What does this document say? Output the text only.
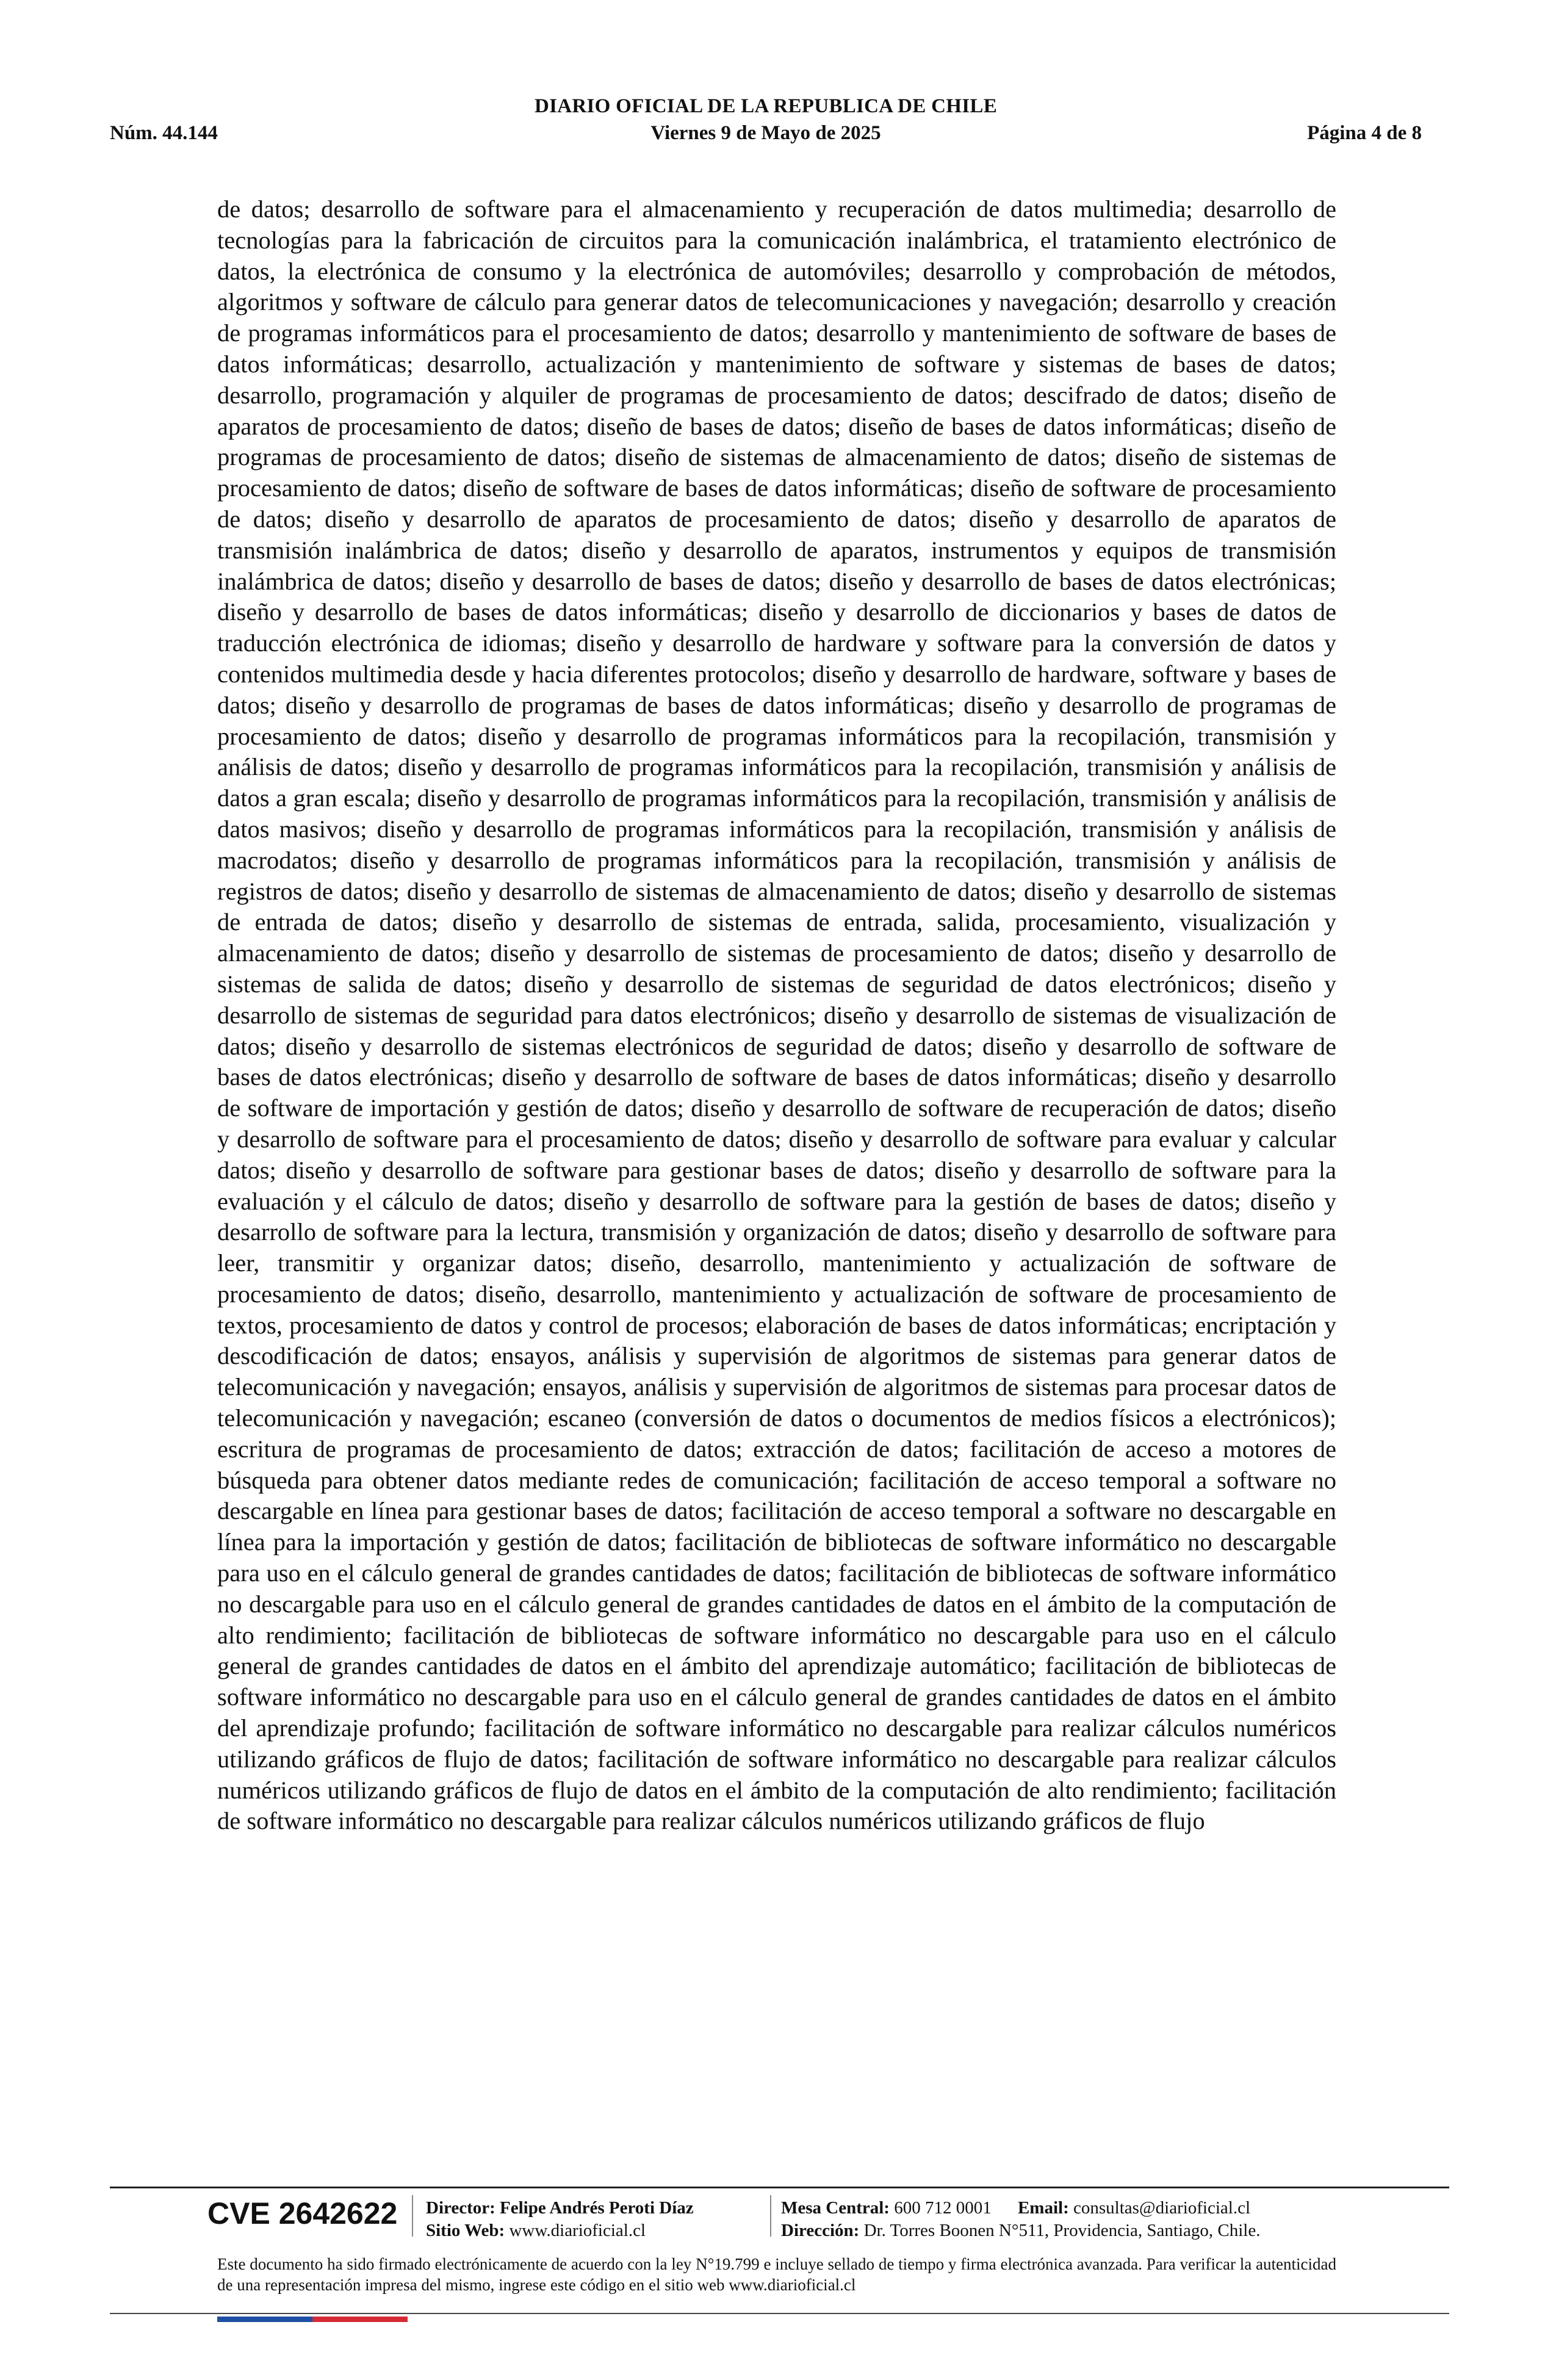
DIARIO OFICIAL DE LA REPUBLICA DE CHILE
Núm. 44.144	Viernes 9 de Mayo de 2025	Página 4 de 8

de datos; desarrollo de software para el almacenamiento y recuperación de datos multimedia; desarrollo de tecnologías para la fabricación de circuitos para la comunicación inalámbrica, el tratamiento electrónico de datos, la electrónica de consumo y la electrónica de automóviles; desarrollo y comprobación de métodos, algoritmos y software de cálculo para generar datos de telecomunicaciones y navegación; desarrollo y creación de programas informáticos para el procesamiento de datos; desarrollo y mantenimiento de software de bases de datos informáticas; desarrollo, actualización y mantenimiento de software y sistemas de bases de datos; desarrollo, programación y alquiler de programas de procesamiento de datos; descifrado de datos; diseño de aparatos de procesamiento de datos; diseño de bases de datos; diseño de bases de datos informáticas; diseño de programas de procesamiento de datos; diseño de sistemas de almacenamiento de datos; diseño de sistemas de procesamiento de datos; diseño de software de bases de datos informáticas; diseño de software de procesamiento de datos; diseño y desarrollo de aparatos de procesamiento de datos; diseño y desarrollo de aparatos de transmisión inalámbrica de datos; diseño y desarrollo de aparatos, instrumentos y equipos de transmisión inalámbrica de datos; diseño y desarrollo de bases de datos; diseño y desarrollo de bases de datos electrónicas; diseño y desarrollo de bases de datos informáticas; diseño y desarrollo de diccionarios y bases de datos de traducción electrónica de idiomas; diseño y desarrollo de hardware y software para la conversión de datos y contenidos multimedia desde y hacia diferentes protocolos; diseño y desarrollo de hardware, software y bases de datos; diseño y desarrollo de programas de bases de datos informáticas; diseño y desarrollo de programas de procesamiento de datos; diseño y desarrollo de programas informáticos para la recopilación, transmisión y análisis de datos; diseño y desarrollo de programas informáticos para la recopilación, transmisión y análisis de datos a gran escala; diseño y desarrollo de programas informáticos para la recopilación, transmisión y análisis de datos masivos; diseño y desarrollo de programas informáticos para la recopilación, transmisión y análisis de macrodatos; diseño y desarrollo de programas informáticos para la recopilación, transmisión y análisis de registros de datos; diseño y desarrollo de sistemas de almacenamiento de datos; diseño y desarrollo de sistemas de entrada de datos; diseño y desarrollo de sistemas de entrada, salida, procesamiento, visualización y almacenamiento de datos; diseño y desarrollo de sistemas de procesamiento de datos; diseño y desarrollo de sistemas de salida de datos; diseño y desarrollo de sistemas de seguridad de datos electrónicos; diseño y desarrollo de sistemas de seguridad para datos electrónicos; diseño y desarrollo de sistemas de visualización de datos; diseño y desarrollo de sistemas electrónicos de seguridad de datos; diseño y desarrollo de software de bases de datos electrónicas; diseño y desarrollo de software de bases de datos informáticas; diseño y desarrollo de software de importación y gestión de datos; diseño y desarrollo de software de recuperación de datos; diseño y desarrollo de software para el procesamiento de datos; diseño y desarrollo de software para evaluar y calcular datos; diseño y desarrollo de software para gestionar bases de datos; diseño y desarrollo de software para la evaluación y el cálculo de datos; diseño y desarrollo de software para la gestión de bases de datos; diseño y desarrollo de software para la lectura, transmisión y organización de datos; diseño y desarrollo de software para leer, transmitir y organizar datos; diseño, desarrollo, mantenimiento y actualización de software de procesamiento de datos; diseño, desarrollo, mantenimiento y actualización de software de procesamiento de textos, procesamiento de datos y control de procesos; elaboración de bases de datos informáticas; encriptación y descodificación de datos; ensayos, análisis y supervisión de algoritmos de sistemas para generar datos de telecomunicación y navegación; ensayos, análisis y supervisión de algoritmos de sistemas para procesar datos de telecomunicación y navegación; escaneo (conversión de datos o documentos de medios físicos a electrónicos); escritura de programas de procesamiento de datos; extracción de datos; facilitación de acceso a motores de búsqueda para obtener datos mediante redes de comunicación; facilitación de acceso temporal a software no descargable en línea para gestionar bases de datos; facilitación de acceso temporal a software no descargable en línea para la importación y gestión de datos; facilitación de bibliotecas de software informático no descargable para uso en el cálculo general de grandes cantidades de datos; facilitación de bibliotecas de software informático no descargable para uso en el cálculo general de grandes cantidades de datos en el ámbito de la computación de alto rendimiento; facilitación de bibliotecas de software informático no descargable para uso en el cálculo general de grandes cantidades de datos en el ámbito del aprendizaje automático; facilitación de bibliotecas de software informático no descargable para uso en el cálculo general de grandes cantidades de datos en el ámbito del aprendizaje profundo; facilitación de software informático no descargable para realizar cálculos numéricos utilizando gráficos de flujo de datos; facilitación de software informático no descargable para realizar cálculos numéricos utilizando gráficos de flujo de datos en el ámbito de la computación de alto rendimiento; facilitación de software informático no descargable para realizar cálculos numéricos utilizando gráficos de flujo

CVE 2642622 Director: Felipe Andrés Peroti Díaz
Sitio Web: www.diarioficial.cl
Mesa Central: 600 712 0001 Email: consultas@diarioficial.cl
Dirección: Dr. Torres Boonen N°511, Providencia, Santiago, Chile.

Este documento ha sido firmado electrónicamente de acuerdo con la ley N°19.799 e incluye sellado de tiempo y firma electrónica avanzada. Para verificar la autenticidad de una representación impresa del mismo, ingrese este código en el sitio web www.diarioficial.cl
